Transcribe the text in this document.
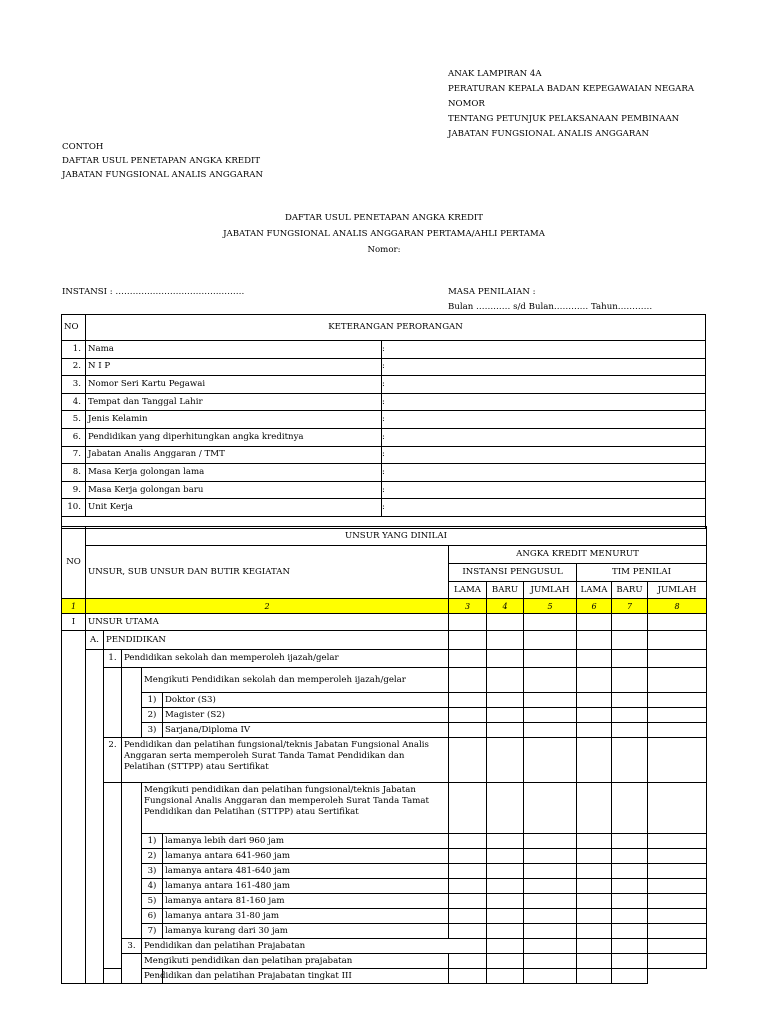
ANAK LAMPIRAN 4A
PERATURAN KEPALA BADAN KEPEGAWAIAN NEGARA
NOMOR
TENTANG PETUNJUK PELAKSANAAN PEMBINAAN
JABATAN FUNGSIONAL ANALIS ANGGARAN
CONTOH
DAFTAR USUL PENETAPAN ANGKA KREDIT
JABATAN FUNGSIONAL ANALIS ANGGARAN
DAFTAR USUL PENETAPAN ANGKA KREDIT
JABATAN FUNGSIONAL ANALIS ANGGARAN PERTAMA/AHLI PERTAMA
Nomor:
INSTANSI : ………………………………………	MASA PENILAIAN :
Bulan ………… s/d Bulan………… Tahun…………
NO	KETERANGAN PERORANGAN	
1.	Nama	:
2.	N I P	:
3.	Nomor Seri Kartu Pegawai	:
4.	Tempat dan Tanggal Lahir	:
5.	Jenis Kelamin	:
6.	Pendidikan yang diperhitungkan angka kreditnya	:
7.	Jabatan Analis Anggaran / TMT	:
8.	Masa Kerja golongan lama	:
9.	Masa Kerja golongan baru	:
10.	Unit Kerja	:

NO	UNSUR YANG DINILAI											
	UNSUR, SUB UNSUR DAN BUTIR KEGIATAN					ANGKA KREDIT MENURUT						
						INSTANSI PENGUSUL			TIM PENILAI			
						LAMA	BARU	JUMLAH	LAMA	BARU	JUMLAH	
1	2					3	4	5	6	7	8	
I	UNSUR UTAMA											
	A.	PENDIDIKAN										
		1.	Pendidikan sekolah dan memperoleh ijazah/gelar									
				Mengikuti Pendidikan sekolah dan memperoleh ijazah/gelar								
				1)	Doktor (S3)							
				2)	Magister (S2)							
				3)	Sarjana/Diploma IV							
		2.	Pendidikan dan pelatihan fungsional/teknis Jabatan Fungsional Analis Anggaran serta memperoleh Surat Tanda Tamat Pendidikan dan Pelatihan (STTPP) atau Sertifikat									
				Mengikuti pendidikan dan pelatihan fungsional/teknis Jabatan Fungsional Analis Anggaran dan memperoleh Surat Tanda Tamat Pendidikan dan Pelatihan (STTPP) atau Sertifikat								
				1)	lamanya lebih dari 960 jam							
				2)	lamanya antara 641-960 jam							
				3)	lamanya antara 481-640 jam							
				4)	lamanya antara 161-480 jam							
				5)	lamanya antara 81-160 jam							
				6)	lamanya antara 31-80 jam							
				7)	lamanya kurang dari 30 jam							
			3.	Pendidikan dan pelatihan Prajabatan								
				Mengikuti pendidikan dan pelatihan prajabatan								
				Pendidikan dan pelatihan Prajabatan tingkat III								
